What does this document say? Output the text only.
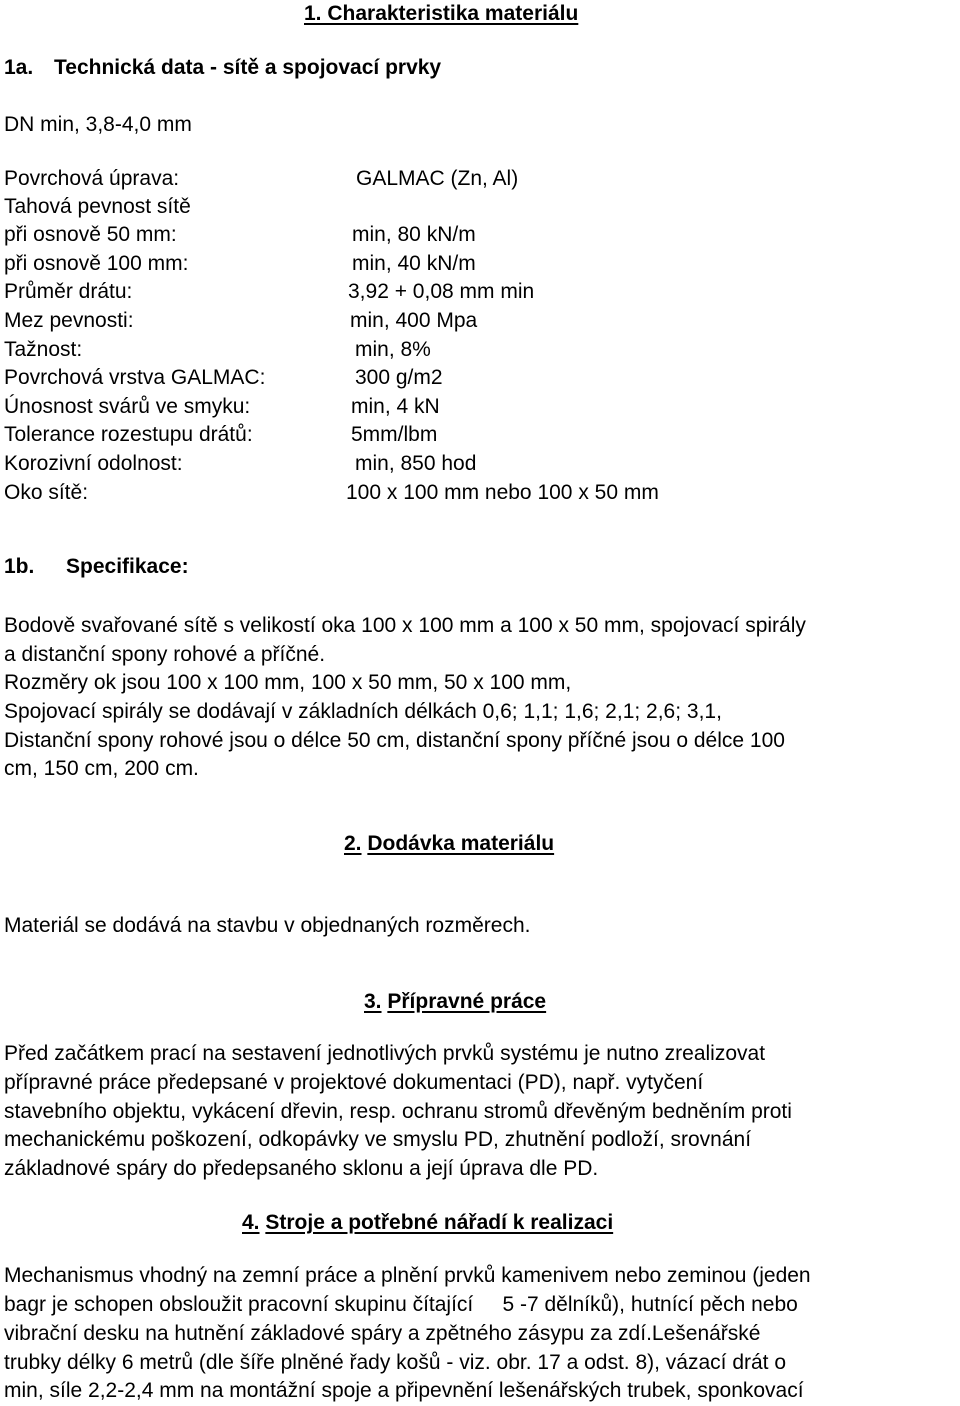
1. Charakteristika materiálu
1a. Technická data - sítě a spojovací prvky
DN min, 3,8-4,0 mm
Povrchová úprava:	GALMAC (Zn, Al)
Tahová pevnost sítě
při osnově 50 mm:	min, 80 kN/m
při osnově 100 mm:	min, 40 kN/m
Průměr drátu:	3,92 + 0,08 mm min
Mez pevnosti:	min, 400 Mpa
Tažnost:	min, 8%
Povrchová vrstva GALMAC:	300 g/m2
Únosnost svárů ve smyku:	min, 4 kN
Tolerance rozestupu drátů:	5mm/lbm
Korozivní odolnost:	min, 850 hod
Oko sítě:	100 x 100 mm nebo 100 x 50 mm
1b. Specifikace:
Bodově svařované sítě s velikostí oka 100 x 100 mm a 100 x 50 mm, spojovací spirály
a distanční spony rohové a příčné.
Rozměry ok jsou 100 x 100 mm, 100 x 50 mm, 50 x 100 mm,
Spojovací spirály se dodávají v základních délkách 0,6; 1,1; 1,6; 2,1; 2,6; 3,1,
Distanční spony rohové jsou o délce 50 cm, distanční spony příčné jsou o délce 100
cm, 150 cm, 200 cm.
2. Dodávka materiálu
Materiál se dodává na stavbu v objednaných rozměrech.
3. Přípravné práce
Před začátkem prací na sestavení jednotlivých prvků systému je nutno zrealizovat
přípravné práce předepsané v projektové dokumentaci (PD), např. vytyčení
stavebního objektu, vykácení dřevin, resp. ochranu stromů dřevěným bedněním proti
mechanickému poškození, odkopávky ve smyslu PD, zhutnění podloží, srovnání
základnové spáry do předepsaného sklonu a její úprava dle PD.
4. Stroje a potřebné nářadí k realizaci
Mechanismus vhodný na zemní práce a plnění prvků kamenivem nebo zeminou (jeden
bagr je schopen obsloužit pracovní skupinu čítající     5 -7 dělníků), hutnící pěch nebo
vibrační desku na hutnění základové spáry a zpětného zásypu za zdí.Lešenářské
trubky délky 6 metrů (dle šíře plněné řady košů - viz. obr. 17 a odst. 8), vázací drát o
min, síle 2,2-2,4 mm na montážní spoje a připevnění lešenářských trubek, sponkovací
